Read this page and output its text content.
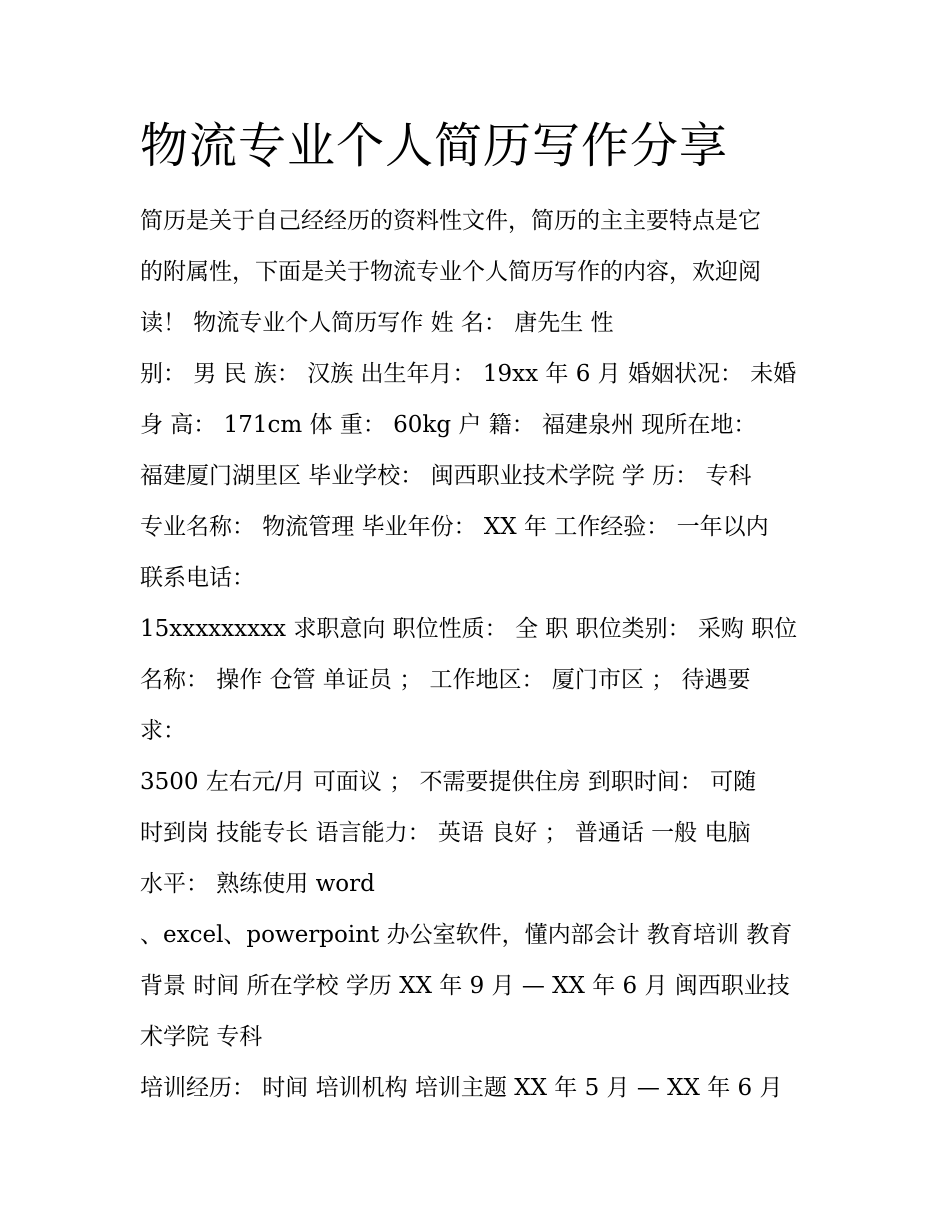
物流专业个人简历写作分享
简历是关于自己经经历的资料性文件，简历的主主要特点是它
的附属性，下面是关于物流专业个人简历写作的内容，欢迎阅
读！ 物流专业个人简历写作 姓 名： 唐先生 性
别： 男 民 族： 汉族 出生年月： 19xx 年 6 月 婚姻状况： 未婚
身 高： 171cm 体 重： 60kg 户 籍： 福建泉州 现所在地：
福建厦门湖里区 毕业学校： 闽西职业技术学院 学 历： 专科
专业名称： 物流管理 毕业年份： XX 年 工作经验： 一年以内
联系电话：
15xxxxxxxxx 求职意向 职位性质： 全 职 职位类别： 采购 职位
名称： 操作 仓管 单证员 ； 工作地区： 厦门市区 ； 待遇要
求：
3500 左右元/月 可面议 ； 不需要提供住房 到职时间： 可随
时到岗 技能专长 语言能力： 英语 良好 ； 普通话 一般 电脑
水平： 熟练使用 word
、excel、powerpoint 办公室软件，懂内部会计 教育培训 教育
背景 时间 所在学校 学历 XX 年 9 月 — XX 年 6 月 闽西职业技
术学院 专科
培训经历： 时间 培训机构 培训主题 XX 年 5 月 — XX 年 6 月
